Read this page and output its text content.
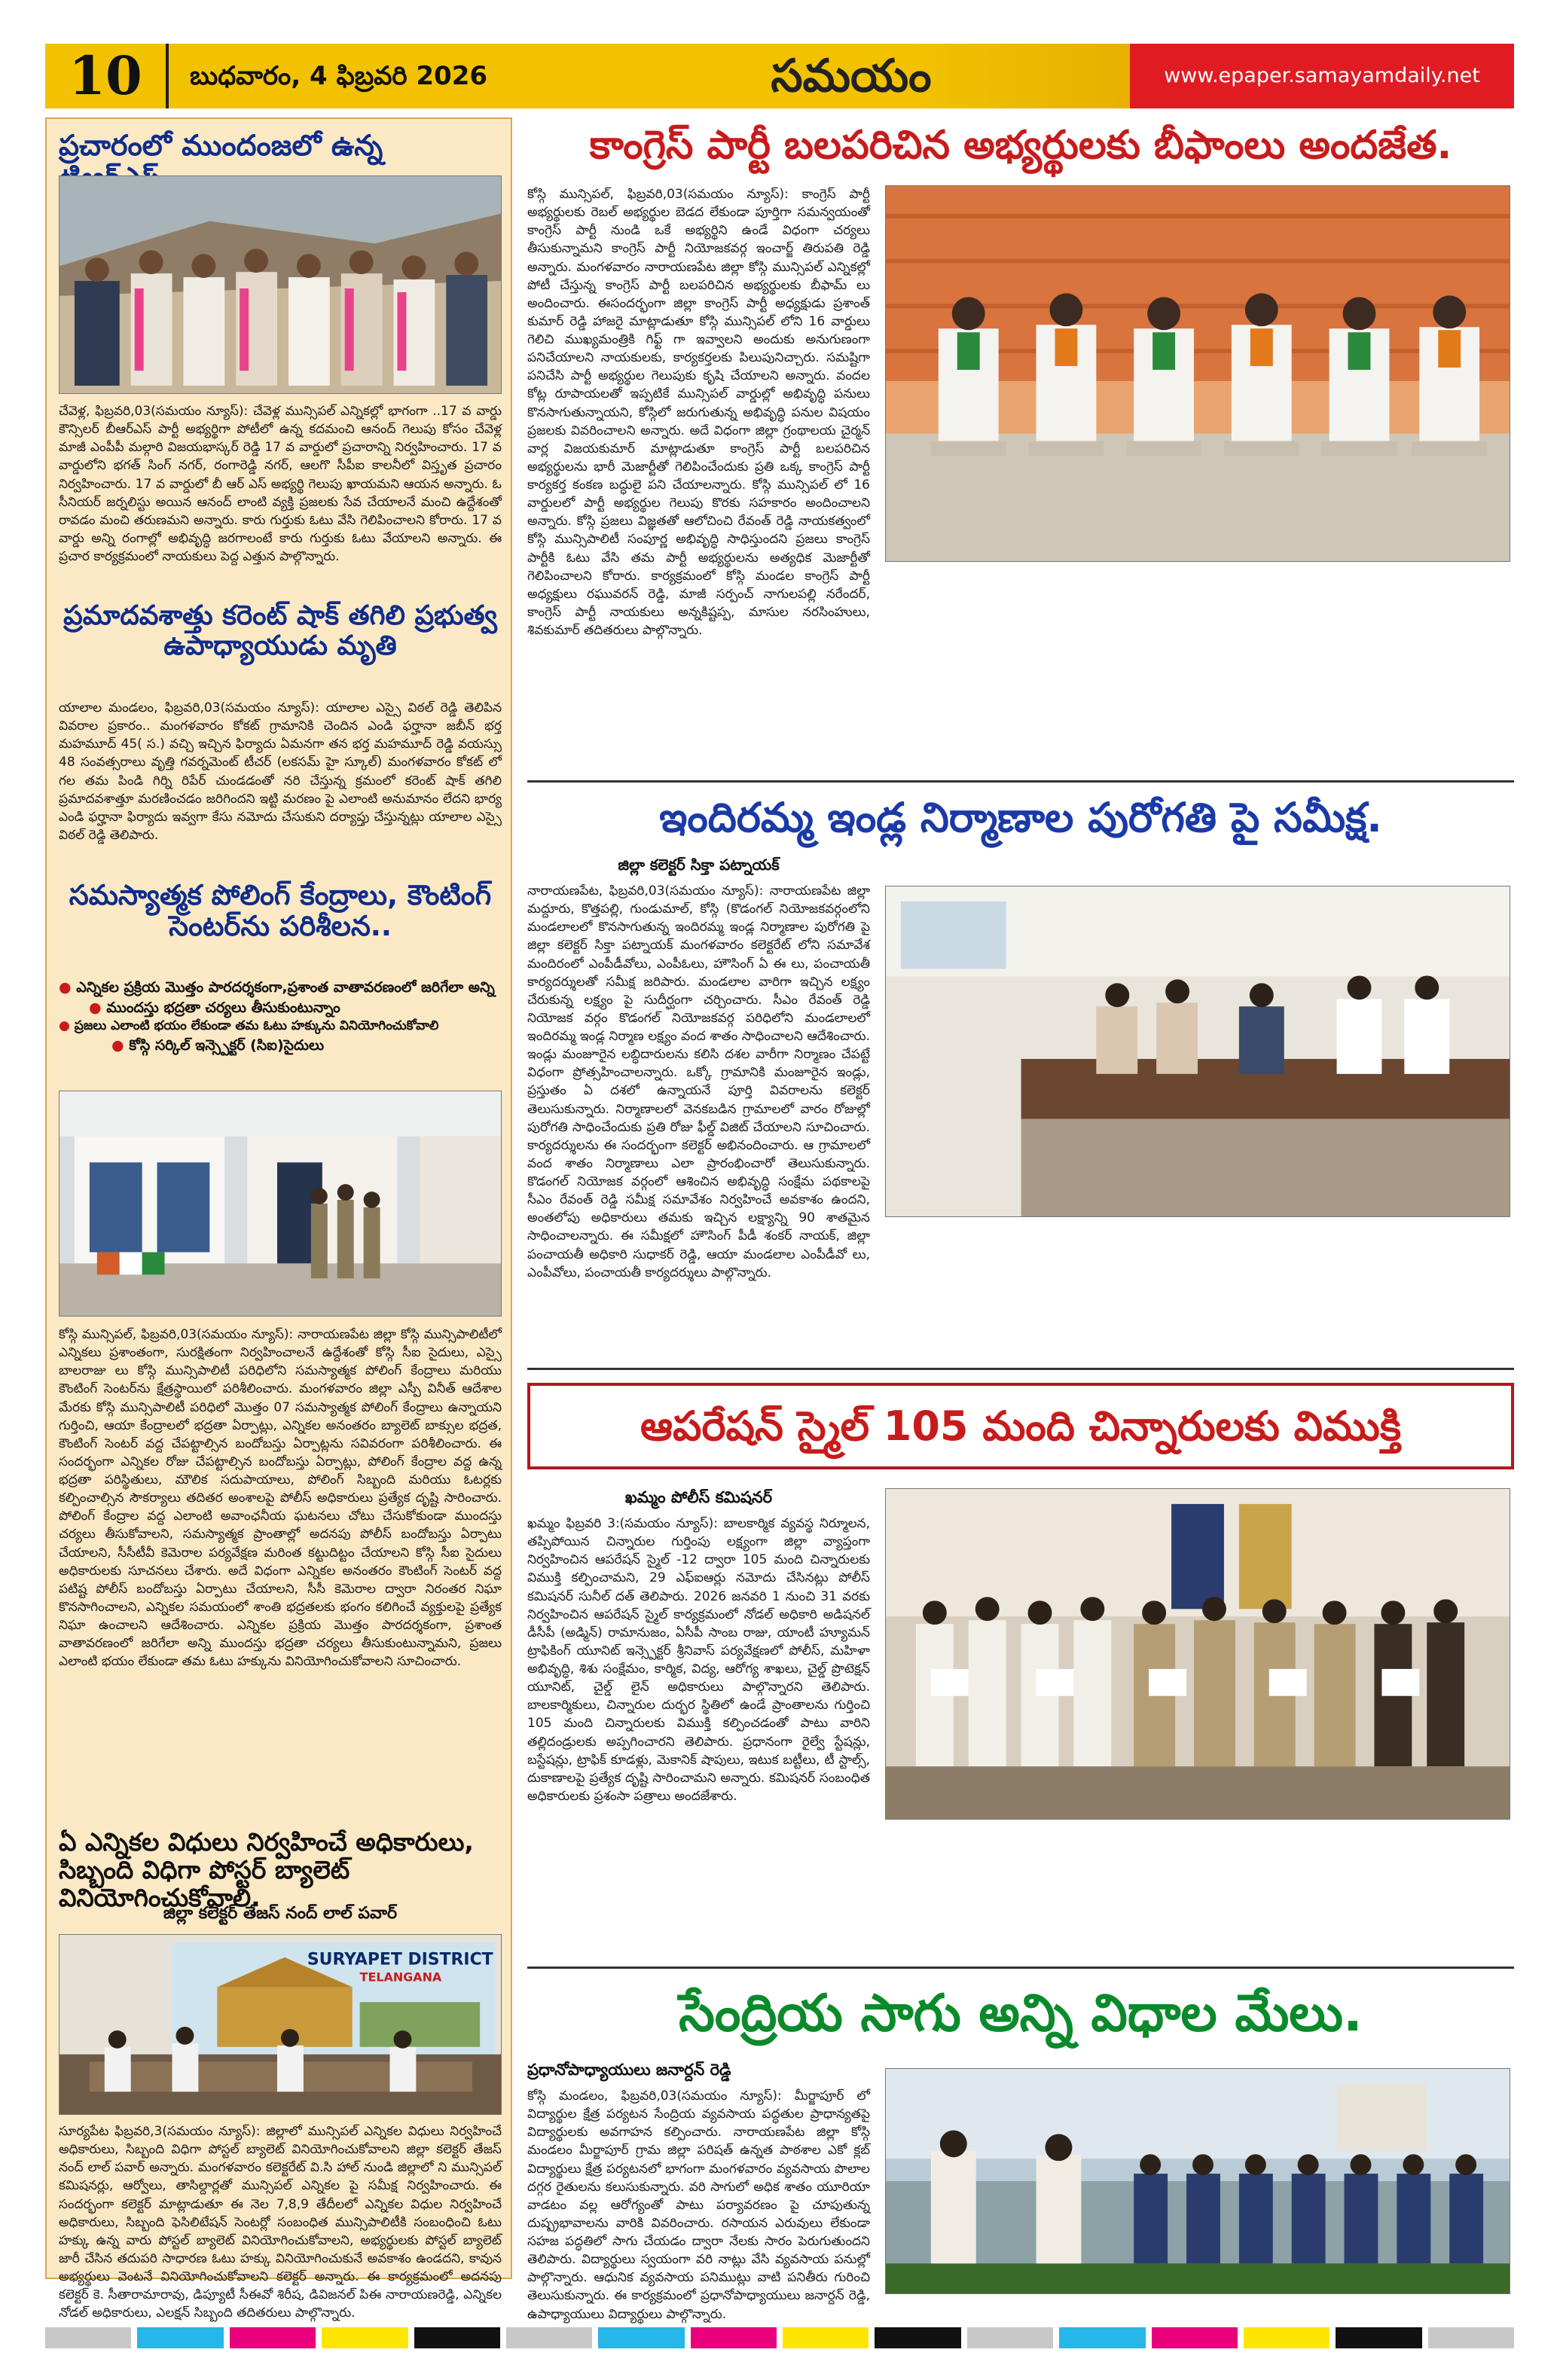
10	బుధవారం, 4 ఫిబ్రవరి 2026	సమయం	www.epaper.samayamdaily.net
ప్రచారంలో ముందంజలో ఉన్న
చేవెళ్ల, ఫిబ్రవరి,03(సమయం న్యూస్): చేవెళ్ల మున్సిపల్ ఎన్నికల్లో భాగంగా ..17 వ వార్డు కౌన్సిలర్ బీఆర్ఎస్ పార్టీ అభ్యర్థిగా పోటీలో ఉన్న కదమంచి ఆనంద్ గెలుపు కోసం చేవెళ్ల మాజీ ఎంపీపీ మల్గారి విజయభాస్కర్ రెడ్డి 17 వ వార్డులో ప్రచారాన్ని నిర్వహించారు. 17 వ వార్డులోని భగత్ సింగ్ నగర్, రంగారెడ్డి నగర్, ఆలగొ సీపీఐ కాలనీలో విస్తృత ప్రచారం నిర్వహించారు. 17 వ వార్డులో బీ ఆర్ ఎస్ అభ్యర్థి గెలుపు ఖాయమని ఆయన అన్నారు. ఓ సీనియర్ జర్నలిస్టు అయిన ఆనంద్ లాంటి వ్యక్తి ప్రజలకు సేవ చేయాలనే మంచి ఉద్దేశంతో రావడం మంచి తరుణమని అన్నారు. కారు గుర్తుకు ఓటు వేసి గెలిపించాలని కోరారు. 17 వ వార్డు అన్ని రంగాల్లో అభివృద్ధి జరగాలంటే కారు గుర్తుకు ఓటు వేయాలని అన్నారు. ఈ ప్రచార కార్యక్రమంలో నాయకులు పెద్ద ఎత్తున పాల్గొన్నారు.
ప్రమాదవశాత్తు కరెంట్ షాక్ తగిలి ప్రభుత్వ ఉపాధ్యాయుడు మృతి
యాలాల మండలం, ఫిబ్రవరి,03(సమయం న్యూస్): యాలాల ఎస్సై విఠల్ రెడ్డి తెలిపిన వివరాల ప్రకారం.. మంగళవారం కోకట్ గ్రామానికి చెందిన ఎండి ఫర్హానా జబీన్ భర్త మహమూద్ 45( స.) వచ్చి ఇచ్చిన ఫిర్యాదు ఏమనగా తన భర్త మహమూద్ రెడ్డి వయస్సు 48 సంవత్సరాలు వృత్తి గవర్నమెంట్ టీచర్ (లకసమ్ హై స్కూల్) మంగళవారం కోకట్ లో గల తమ పిండి గిర్ని రిపేర్ చుండడంతో నరి చేస్తున్న క్రమంలో కరెంట్ షాక్ తగిలి ప్రమాదవశాత్తూ మరణించడం జరిగిందని ఇట్టి మరణం పై ఎలాంటి అనుమానం లేదని భార్య ఎండి ఫర్హానా ఫిర్యాదు ఇవ్వగా కేసు నమోదు చేసుకుని దర్యాప్తు చేస్తున్నట్లు యాలాల ఎస్సై విఠల్ రెడ్డి తెలిపారు.
సమస్యాత్మక పోలింగ్ కేంద్రాలు, కౌంటింగ్ సెంటర్‌ను పరిశీలన..
● ఎన్నికల ప్రక్రియ మొత్తం పారదర్శకంగా,ప్రశాంత వాతావరణంలో జరిగేలా అన్ని
● ముందస్తు భద్రతా చర్యలు తీసుకుంటున్నాం
● ప్రజలు ఎలాంటి భయం లేకుండా తమ ఓటు హక్కును వినియోగించుకోవాలి
● కోస్గి సర్కిల్ ఇన్స్పెక్టర్ (సిఐ)సైదులు
కోస్గి మున్సిపల్, ఫిబ్రవరి,03(సమయం న్యూస్): నారాయణపేట జిల్లా కోస్గి మున్సిపాలిటీలో ఎన్నికలు ప్రశాంతంగా, సురక్షితంగా నిర్వహించాలనే ఉద్దేశంతో కోస్గి సీఐ సైదులు, ఎస్సై బాలరాజు లు కోస్గి మున్సిపాలిటీ పరిధిలోని సమస్యాత్మక పోలింగ్ కేంద్రాలు మరియు కౌంటింగ్ సెంటర్‌ను క్షేత్రస్థాయిలో పరిశీలించారు. మంగళవారం జిల్లా ఎస్పీ వినీత్ ఆదేశాల మేరకు కోస్గి మున్సిపాలిటీ పరిధిలో మొత్తం 07 సమస్యాత్మక పోలింగ్ కేంద్రాలు ఉన్నాయని గుర్తించి, ఆయా కేంద్రాలలో భద్రతా ఏర్పాట్లు, ఎన్నికల అనంతరం బ్యాలెట్ బాక్సుల భద్రత, కౌంటింగ్ సెంటర్ వద్ద చేపట్టాల్సిన బందోబస్తు ఏర్పాట్లను సవివరంగా పరిశీలించారు. ఈ సందర్భంగా ఎన్నికల రోజు చేపట్టాల్సిన బందోబస్తు ఏర్పాట్లు, పోలింగ్ కేంద్రాల వద్ద ఉన్న భద్రతా పరిస్థితులు, మౌలిక సదుపాయాలు, పోలింగ్ సిబ్బంది మరియు ఓటర్లకు కల్పించాల్సిన సౌకర్యాలు తదితర అంశాలపై పోలీస్ అధికారులు ప్రత్యేక దృష్టి సారించారు. పోలింగ్ కేంద్రాల వద్ద ఎలాంటి అవాంఛనీయ ఘటనలు చోటు చేసుకోకుండా ముందస్తు చర్యలు తీసుకోవాలని, సమస్యాత్మక ప్రాంతాల్లో అదనపు పోలీస్ బందోబస్తు ఏర్పాటు చేయాలని, సీసీటీవీ కెమెరాల పర్యవేక్షణ మరింత కట్టుదిట్టం చేయాలని కోస్గి సీఐ సైదులు అధికారులకు సూచనలు చేశారు. అదే విధంగా ఎన్నికల అనంతరం కౌంటింగ్ సెంటర్ వద్ద పటిష్ట పోలీస్ బందోబస్తు ఏర్పాటు చేయాలని, సీసీ కెమెరాల ద్వారా నిరంతర నిఘా కొనసాగించాలని, ఎన్నికల సమయంలో శాంతి భద్రతలకు భంగం కలిగించే వ్యక్తులపై ప్రత్యేక నిఘా ఉంచాలని ఆదేశించారు. ఎన్నికల ప్రక్రియ మొత్తం పారదర్శకంగా, ప్రశాంత వాతావరణంలో జరిగేలా అన్ని ముందస్తు భద్రతా చర్యలు తీసుకుంటున్నామని, ప్రజలు ఎలాంటి భయం లేకుండా తమ ఓటు హక్కును వినియోగించుకోవాలని సూచించారు.
ఏ ఎన్నికల విధులు నిర్వహించే అధికారులు, సిబ్బంది విధిగా పోస్టర్ బ్యాలెట్ వినియోగించుకోవాలి.
జిల్లా కలెక్టర్ తేజస్ నంద్ లాల్ పవార్
SURYAPET DISTRICT
TELANGANA
సూర్యపేట ఫిబ్రవరి,3(సమయం న్యూస్): జిల్లాలో మున్సిపల్ ఎన్నికల విధులు నిర్వహించే అధికారులు, సిబ్బంది విధిగా పోస్టల్ బ్యాలెట్ వినియోగించుకోవాలని జిల్లా కలెక్టర్ తేజస్ నంద్ లాల్ పవార్ అన్నారు. మంగళవారం కలెక్టరేట్ వి.సి హాల్ నుండి జిల్లాలో ని మున్సిపల్ కమిషనర్లు, ఆర్వోలు, తాసిల్దార్లతో మున్సిపల్ ఎన్నికల పై సమీక్ష నిర్వహించారు. ఈ సందర్భంగా కలెక్టర్ మాట్లాడుతూ ఈ నెల 7,8,9 తేదీలలో ఎన్నికల విధుల నిర్వహించే అధికారులు, సిబ్బంది ఫెసిలిటేషన్ సెంటర్లో సంబంధిత మున్సిపాలిటీకి సంబంధించి ఓటు హక్కు ఉన్న వారు పోస్టల్ బ్యాలెట్ వినియోగించుకోవాలని, అభ్యర్థులకు పోస్టల్ బ్యాలెట్ జారీ చేసిన తదుపరి సాధారణ ఓటు హక్కు వినియోగించుకునే అవకాశం ఉండదని, కావున అభ్యర్థులు వెంటనే వినియోగించుకోవాలని కలెక్టర్ అన్నారు. ఈ కార్యక్రమంలో అదనపు కలెక్టర్ కె. సీతారామారావు, డిప్యూటీ సీఈవో శిరీష, డివిజనల్ పిఈ నారాయణరెడ్డి, ఎన్నికల నోడల్ అధికారులు, ఎలక్షన్ సిబ్బంది తదితరులు పాల్గొన్నారు.
కాంగ్రెస్ పార్టీ బలపరిచిన అభ్యర్థులకు బీఫాంలు అందజేత.
కోస్గి మున్సిపల్, ఫిబ్రవరి,03(సమయం న్యూస్): కాంగ్రెస్ పార్టీ అభ్యర్థులకు రెబల్ అభ్యర్థుల బెడద లేకుండా పూర్తిగా సమన్వయంతో కాంగ్రెస్ పార్టీ నుండి ఒకే అభ్యర్థిని ఉండే విధంగా చర్యలు తీసుకున్నామని కాంగ్రెస్ పార్టీ నియోజకవర్గ ఇంచార్జ్ తిరుపతి రెడ్డి అన్నారు. మంగళవారం నారాయణపేట జిల్లా కోస్గి మున్సిపల్ ఎన్నికల్లో పోటీ చేస్తున్న కాంగ్రెస్ పార్టీ బలపరిచిన అభ్యర్థులకు బీఫామ్ లు అందించారు. ఈసందర్భంగా జిల్లా కాంగ్రెస్ పార్టీ అధ్యక్షుడు ప్రశాంత్ కుమార్ రెడ్డి హాజరై మాట్లాడుతూ కోస్గి మున్సిపల్ లోని 16 వార్డులు గెలిచి ముఖ్యమంత్రికి గిఫ్ట్ గా ఇవ్వాలని అందుకు అనుగుణంగా పనిచేయాలని నాయకులకు, కార్యకర్తలకు పిలుపునిచ్చారు. సమష్టిగా పనిచేసి పార్టీ అభ్యర్థుల గెలుపుకు కృషి చేయాలని అన్నారు. వందల కోట్ల రూపాయలతో ఇప్పటికే మున్సిపల్ వార్డుల్లో అభివృద్ధి పనులు కొనసాగుతున్నాయని, కోస్గిలో జరుగుతున్న అభివృద్ధి పనుల విషయం ప్రజలకు వివరించాలని అన్నారు. అదే విధంగా జిల్లా గ్రంథాలయ చైర్మన్ వార్ల విజయకుమార్ మాట్లాడుతూ కాంగ్రెస్ పార్టీ బలపరిచిన అభ్యర్థులను భారీ మెజార్టీతో గెలిపించేందుకు ప్రతి ఒక్క కాంగ్రెస్ పార్టీ కార్యకర్త కంకణ బద్ధులై పని చేయాలన్నారు. కోస్గి మున్సిపల్ లో 16 వార్డులలో పార్టీ అభ్యర్థుల గెలుపు కొరకు సహకారం అందించాలని అన్నారు. కోస్గి ప్రజలు విజ్ఞతతో ఆలోచించి రేవంత్ రెడ్డి నాయకత్వంలో కోస్గి మున్సిపాలిటీ సంపూర్ణ అభివృద్ధి సాధిస్తుందని ప్రజలు కాంగ్రెస్ పార్టీకి ఓటు వేసి తమ పార్టీ అభ్యర్థులను అత్యధిక మెజార్టీతో గెలిపించాలని కోరారు. కార్యక్రమంలో కోస్గి మండల కాంగ్రెస్ పార్టీ అధ్యక్షులు రఘువరన్ రెడ్డి, మాజీ సర్పంచ్ నాగులపల్లి నరేందర్, కాంగ్రెస్ పార్టీ నాయకులు అన్నకిష్టప్ప, మాసుల నరసింహులు, శివకుమార్ తదితరులు పాల్గొన్నారు.
ఇందిరమ్మ ఇండ్ల నిర్మాణాల పురోగతి పై సమీక్ష.
జిల్లా కలెక్టర్ సిక్తా పట్నాయక్
నారాయణపేట, ఫిబ్రవరి,03(సమయం న్యూస్): నారాయణపేట జిల్లా మద్దూరు, కొత్తపల్లి, గుండుమాల్, కోస్గి (కొడంగల్ నియోజకవర్గంలోని మండలాలలో కొనసాగుతున్న ఇందిరమ్మ ఇండ్ల నిర్మాణాల పురోగతి పై జిల్లా కలెక్టర్ సిక్తా పట్నాయక్ మంగళవారం కలెక్టరేట్ లోని సమావేశ మందిరంలో ఎంపీడీవోలు, ఎంపీఓలు, హౌసింగ్ ఏ ఈ లు, పంచాయతీ కార్యదర్శులతో సమీక్ష జరిపారు. మండలాల వారిగా ఇచ్చిన లక్ష్యం చేరుకున్న లక్ష్యం పై సుదీర్ఘంగా చర్చించారు. సీఎం రేవంత్ రెడ్డి నియోజక వర్గం కొడంగల్ నియోజకవర్గ పరిధిలోని మండలాలలో ఇందిరమ్మ ఇండ్ల నిర్మాణ లక్ష్యం వంద శాతం సాధించాలని ఆదేశించారు. ఇండ్లు మంజూరైన లబ్ధిదారులను కలిసి దశల వారీగా నిర్మాణం చేపట్టే విధంగా ప్రోత్సహించాలన్నారు. ఒక్కో గ్రామానికి మంజూరైన ఇండ్లు, ప్రస్తుతం ఏ దశలో ఉన్నాయనే పూర్తి వివరాలను కలెక్టర్ తెలుసుకున్నారు. నిర్మాణాలలో వెనకబడిన గ్రామాలలో వారం రోజుల్లో పురోగతి సాధించేందుకు ప్రతి రోజు ఫీల్డ్ విజిట్ చేయాలని సూచించారు. కార్యదర్శులను ఈ సందర్భంగా కలెక్టర్ అభినందించారు. ఆ గ్రామాలలో వంద శాతం నిర్మాణాలు ఎలా ప్రారంభించారో తెలుసుకున్నారు. కొడంగల్ నియోజక వర్గంలో ఆశించిన అభివృద్ధి సంక్షేమ పథకాలపై సీఎం రేవంత్ రెడ్డి సమీక్ష సమావేశం నిర్వహించే అవకాశం ఉందని, అంతలోపు అధికారులు తమకు ఇచ్చిన లక్ష్యాన్ని 90 శాతమైన సాధించాలన్నారు. ఈ సమీక్షలో హౌసింగ్ పీడీ శంకర్ నాయక్, జిల్లా పంచాయతీ అధికారి సుధాకర్ రెడ్డి, ఆయా మండలాల ఎంపీడీవో లు, ఎంపీవోలు, పంచాయతీ కార్యదర్శులు పాల్గొన్నారు.
ఆపరేషన్ స్మైల్ 105 మంది చిన్నారులకు విముక్తి
ఖమ్మం పోలీస్ కమిషనర్
ఖమ్మం ఫిబ్రవరి 3:(సమయం న్యూస్): బాలకార్మిక వ్యవస్థ నిర్మూలన, తప్పిపోయిన చిన్నారుల గుర్తింపు లక్ష్యంగా జిల్లా వ్యాప్తంగా నిర్వహించిన ఆపరేషన్ స్మైల్ -12 ద్వారా 105 మంది చిన్నారులకు విముక్తి కల్పించామని, 29 ఎఫ్ఐఆర్లు నమోదు చేసినట్లు పోలీస్ కమిషనర్ సునీల్ దత్ తెలిపారు. 2026 జనవరి 1 నుంచి 31 వరకు నిర్వహించిన ఆపరేషన్ స్మైల్ కార్యక్రమంలో నోడల్ అధికారి అడిషనల్ డీసీపీ (అడ్మిన్) రామానుజం, ఏసీపీ సాంబ రాజు, యాంటీ హ్యూమన్ ట్రాఫికింగ్ యూనిట్ ఇన్స్పెక్టర్ శ్రీనివాస్ పర్యవేక్షణలో పోలీస్, మహిళా అభివృద్ధి, శిశు సంక్షేమం, కార్మిక, విద్య, ఆరోగ్య శాఖలు, చైల్డ్ ప్రొటెక్షన్ యూనిట్, చైల్డ్ లైన్ అధికారులు పాల్గొన్నారని తెలిపారు. బాలకార్మికులు, చిన్నారుల దుర్భర స్థితిలో ఉండే ప్రాంతాలను గుర్తించి 105 మంది చిన్నారులకు విముక్తి కల్పించడంతో పాటు వారిని తల్లిదండ్రులకు అప్పగించారని తెలిపారు. ప్రధానంగా రైల్వే స్టేషన్లు, బస్టేషన్లు, ట్రాఫిక్ కూడళ్లు, మెకానిక్ షాపులు, ఇటుక బట్టీలు, టీ స్టాల్స్, దుకాణాలపై ప్రత్యేక దృష్టి సారించామని అన్నారు. కమిషనర్ సంబంధిత అధికారులకు ప్రశంసా పత్రాలు అందజేశారు.
సేంద్రియ సాగు అన్ని విధాల మేలు.
ప్రధానోపాధ్యాయులు జనార్దన్ రెడ్డి
కోస్గి మండలం, ఫిబ్రవరి,03(సమయం న్యూస్): మీర్జాపూర్ లో విద్యార్థుల క్షేత్ర పర్యటన సేంద్రియ వ్యవసాయ పద్ధతుల ప్రాధాన్యతపై విద్యార్థులకు అవగాహన కల్పించారు. నారాయణపేట జిల్లా కోస్గి మండలం మీర్జాపూర్ గ్రామ జిల్లా పరిషత్ ఉన్నత పాఠశాల ఎకో క్లబ్ విద్యార్థులు క్షేత్ర పర్యటనలో భాగంగా మంగళవారం వ్యవసాయ పొలాల దగ్గర రైతులను కలుసుకున్నారు. వరి సాగులో అధిక శాతం యూరియా వాడటం వల్ల ఆరోగ్యంతో పాటు పర్యావరణం పై చూపుతున్న దుష్ప్రభావాలను వారికి వివరించారు. రసాయన ఎరువులు లేకుండా సహజ పద్ధతిలో సాగు చేయడం ద్వారా నేలకు సారం పెరుగుతుందని తెలిపారు. విద్యార్థులు స్వయంగా వరి నాట్లు వేసి వ్యవసాయ పనుల్లో పాల్గొన్నారు. ఆధునిక వ్యవసాయ పనిముట్లు వాటి పనితీరు గురించి తెలుసుకున్నారు. ఈ కార్యక్రమంలో ప్రధానోపాధ్యాయులు జనార్దన్ రెడ్డి, ఉపాధ్యాయులు విద్యార్థులు పాల్గొన్నారు.
